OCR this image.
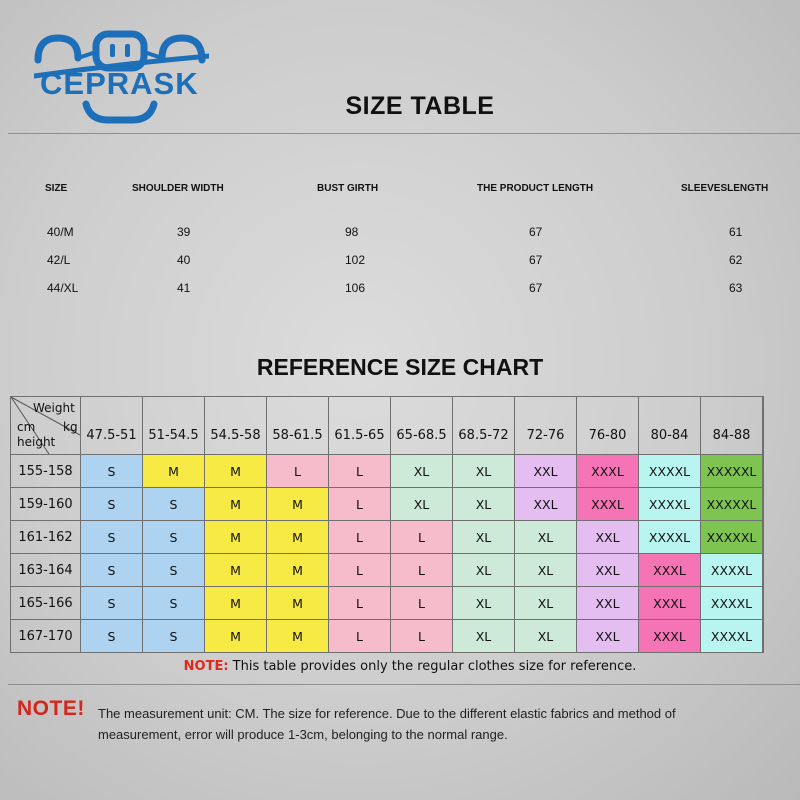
CEPRASK
SIZE TABLE
SIZE	SHOULDER WIDTH	BUST GIRTH	THE PRODUCT LENGTH	SLEEVESLENGTH
40/M	39	98	67	61
42/L	40	102	67	62
44/XL	41	106	67	63
REFERENCE SIZE CHART
Weight
cm kg
height	47.5-51	51-54.5	54.5-58	58-61.5	61.5-65	65-68.5	68.5-72	72-76	76-80	80-84	84-88	
155-158	S	M	M	L	L	XL	XL	XXL	XXXL	XXXXL	XXXXXL	
159-160	S	S	M	M	L	XL	XL	XXL	XXXL	XXXXL	XXXXXL	
161-162	S	S	M	M	L	L	XL	XL	XXL	XXXXL	XXXXXL	
163-164	S	S	M	M	L	L	XL	XL	XXL	XXXL	XXXXL	
165-166	S	S	M	M	L	L	XL	XL	XXL	XXXL	XXXXL	
167-170	S	S	M	M	L	L	XL	XL	XXL	XXXL	XXXXL	
NOTE: This table provides only the regular clothes size for reference.
NOTE! The measurement unit: CM. The size for reference. Due to the different elastic fabrics and method of
measurement, error will produce 1-3cm, belonging to the normal range.
